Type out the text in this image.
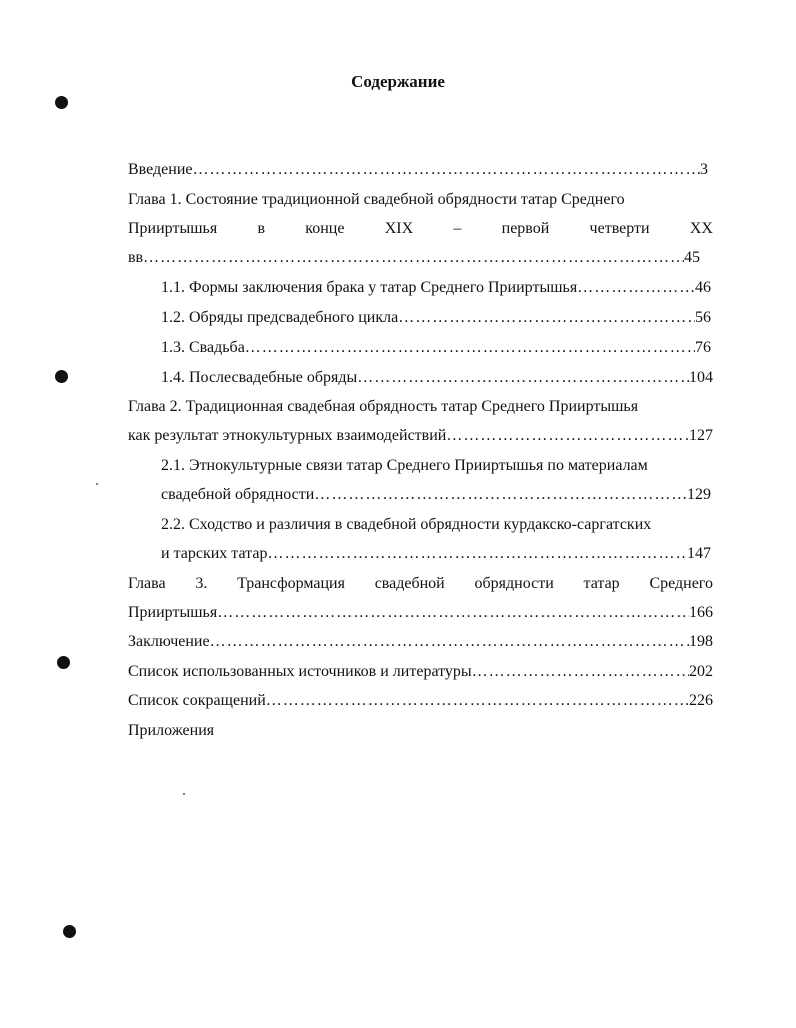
Содержание
Введение ………………………………………………………………………………………………………………………………………………………………	3
Глава 1. Состояние традиционной свадебной обрядности татар Среднего
Прииртышья	в	конце	XIX	–	первой	четверти	XX
вв ………………………………………………………………………………………………………………………………………………………………	45
1.1. Формы заключения брака у татар Среднего Прииртышья ………………………………………………………………………………………………………………………………………………………………	46
1.2. Обряды предсвадебного цикла ………………………………………………………………………………………………………………………………………………………………	56
1.3. Свадьба ………………………………………………………………………………………………………………………………………………………………	76
1.4. Послесвадебные обряды ………………………………………………………………………………………………………………………………………………………………	104
Глава 2. Традиционная свадебная обрядность татар Среднего Прииртышья
как результат этнокультурных взаимодействий ………………………………………………………………………………………………………………………………………………………………	127
2.1. Этнокультурные связи татар Среднего Прииртышья по материалам
свадебной обрядности ………………………………………………………………………………………………………………………………………………………………	129
2.2. Сходство и различия в свадебной обрядности курдакско-саргатских
и тарских татар ………………………………………………………………………………………………………………………………………………………………	147
Глава 3. Трансформация свадебной обрядности татар Среднего
Прииртышья ………………………………………………………………………………………………………………………………………………………………	166
Заключение ………………………………………………………………………………………………………………………………………………………………	198
Список использованных источников и литературы ………………………………………………………………………………………………………………………………………………………………	202
Список сокращений ………………………………………………………………………………………………………………………………………………………………	226
Приложения
